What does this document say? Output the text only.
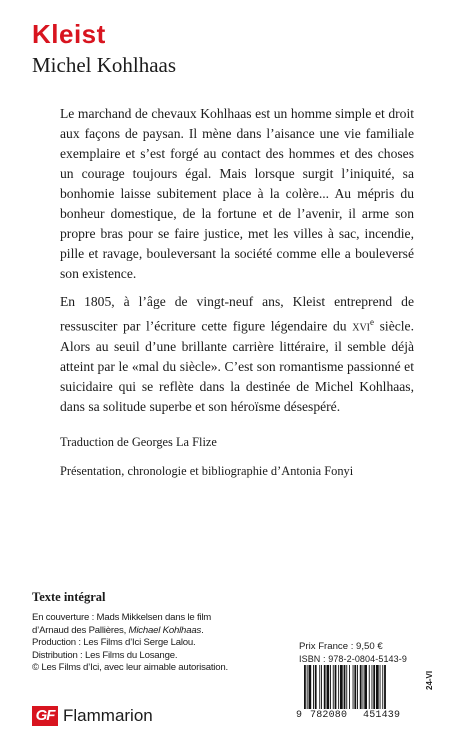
Kleist
Michel Kohlhaas

Le marchand de chevaux Kohlhaas est un homme simple et droit aux façons de paysan. Il mène dans l’aisance une vie familiale exemplaire et s’est forgé au contact des hommes et des choses un courage toujours égal. Mais lorsque surgit l’iniquité, sa bonhomie laisse subitement place à la colère... Au mépris du bonheur domestique, de la fortune et de l’avenir, il arme son propre bras pour se faire justice, met les villes à sac, incendie, pille et ravage, bouleversant la société comme elle a bouleversé son existence.

En 1805, à l’âge de vingt-neuf ans, Kleist entreprend de ressusciter par l’écriture cette figure légendaire du xvi$^e$ siècle. Alors au seuil d’une brillante carrière littéraire, il semble déjà atteint par le «mal du siècle». C’est son romantisme passionné et suicidaire qui se reflète dans la destinée de Michel Kohlhaas, dans sa solitude superbe et son héroïsme désespéré.

Traduction de Georges La Flize

Présentation, chronologie et bibliographie d’Antonia Fonyi

Texte intégral
En couverture : Mads Mikkelsen dans le film
d’Arnaud des Pallières, Michael Kohlhaas.
Production : Les Films d’Ici Serge Lalou.
Distribution : Les Films du Losange.
© Les Films d’Ici, avec leur aimable autorisation.
Prix France : 9,50 €
ISBN : 978-2-0804-5143-9
9 782080 451439
24-VI
GF Flammarion
